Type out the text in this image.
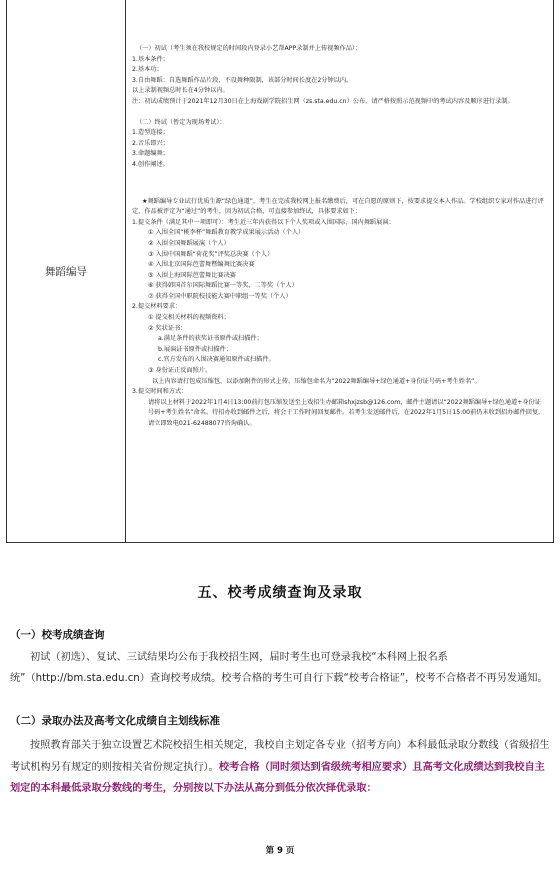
舞蹈编导

（一）初试（考生须在我校规定的时间段内登录小艺帮APP录制并上传视频作品）：

1.基本条件；

2.基本功；

3.自由舞蹈：自选舞蹈作品片段，不设舞种限制，该部分时间长度在2分钟以内。

以上录制视频总时长在4分钟以内。

注：初试成绩预计于2021年12月30日在上海戏剧学院招生网（zs.sta.edu.cn）公布，请严格按照示范视频中的考试内容及顺序进行录制。

（二）终试（暂定为现场考试）：

1.造型连接；

2.音乐即兴；

3.命题编舞；

4.创作阐述。

★舞蹈编导专业试行优质生源“绿色通道”，考生在完成我校网上报名缴费后，可在自愿的原则下，按要求提交本人作品。学校组织专家对作品进行评定，作品被评定为“通过”的考生，因为初试合格，可直接参加终试，具体要求如下：

1.提交条件（满足其中一项即可）：考生近三年内获得以下个人奖项或入围国际、国内舞蹈展演：

① 入围全国“桃李杯”舞蹈教育教学成果展示活动（个人）

② 入围全国舞蹈展演（个人）

③ 入围中国舞蹈“荷花奖”评奖总决赛（个人）

④ 入围北京国际芭蕾舞暨编舞比赛决赛

⑤ 入围上海国际芭蕾舞比赛决赛

⑥ 获得韩国首尔国际舞蹈比赛一等奖、二等奖（个人）

⑦ 获得全国中职院校技能大赛中职组一等奖（个人）

2.提交材料要求：

① 提交相关材料的视频资料；

② 奖状证书：

a.满足条件的获奖证书原件或扫描件；

b.展演证书原件或扫描件；

c.官方发布的入围决赛通知原件或扫描件。

③ 身份证正反面照片。

以上内容请打包成压缩包，以添加附件的形式上传，压缩包命名为“2022舞蹈编导+绿色通道+身份证号码+考生姓名”。

3.提交时间和方式：

请将以上材料于2022年1月4日13:00前打包压缩发送至上戏招生办邮箱shxjzsb@126.com，邮件主题请以“2022舞蹈编导+绿色通道+身份证号码+考生姓名”命名。待招办收到邮件之后，将会于工作时间回复邮件。若考生发送邮件后，在2022年1月5日15:00前仍未收到招办邮件回复，请立即致电021-62488077咨询确认。

五、校考成绩查询及录取
（一）校考成绩查询
初试（初选）、复试、三试结果均公布于我校招生网，届时考生也可登录我校“本科网上报名系统”（http://bm.sta.edu.cn）查询校考成绩。校考合格的考生可自行下载“校考合格证”，校考不合格者不再另发通知。
（二）录取办法及高考文化成绩自主划线标准
按照教育部关于独立设置艺术院校招生相关规定，我校自主划定各专业（招考方向）本科最低录取分数线（省级招生考试机构另有规定的则按相关省份规定执行）。校考合格（同时须达到省级统考相应要求）且高考文化成绩达到我校自主划定的本科最低录取分数线的考生，分别按以下办法从高分到低分依次择优录取：
第 9 页
